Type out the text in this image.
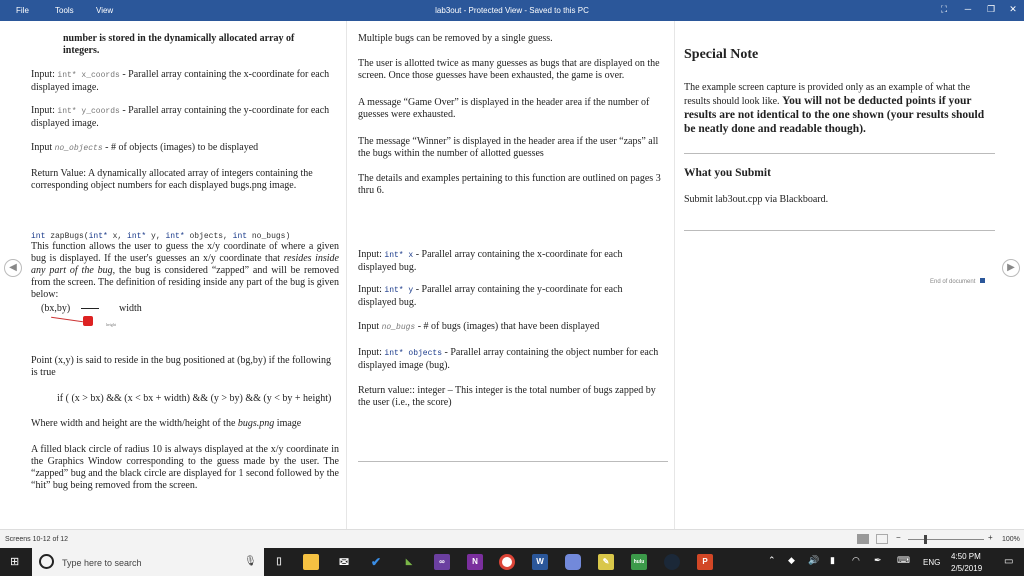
File	Tools	View	lab3out - Protected View - Saved to this PC	⛶	─	❐	✕

number is stored in the dynamically allocated array of integers.

Input: int* x_coords - Parallel array containing the x-coordinate for each displayed image.

Input: int* y_coords - Parallel array containing the y-coordinate for each displayed image.

Input no_objects - # of objects (images) to be displayed

Return Value: A dynamically allocated array of integers containing the corresponding object numbers for each displayed bugs.png image.

int zapBugs(int* x, int* y, int* objects, int no_bugs)

This function allows the user to guess the x/y coordinate of where a given bug is displayed. If the user's guesses an x/y coordinate that resides inside any part of the bug, the bug is considered “zapped” and will be removed from the screen. The definition of residing inside any part of the bug is given below:

(bx,by)	width
height

Point (x,y) is said to reside in the bug positioned at (bg,by) if the following is true

if ( (x > bx) && (x < bx + width) && (y > by) && (y < by + height)

Where width and height are the width/height of the bugs.png image

A filled black circle of radius 10 is always displayed at the x/y coordinate in the Graphics Window corresponding to the guess made by the user. The “zapped” bug and the black circle are displayed for 1 second followed by the “hit” bug being removed from the screen.

Multiple bugs can be removed by a single guess.

The user is allotted twice as many guesses as bugs that are displayed on the screen. Once those guesses have been exhausted, the game is over.

A message “Game Over” is displayed in the header area if the number of guesses were exhausted.

The message “Winner” is displayed in the header area if the user “zaps” all the bugs within the number of allotted guesses

The details and examples pertaining to this function are outlined on pages 3 thru 6.

Input: int* x - Parallel array containing the x-coordinate for each displayed bug.

Input: int* y - Parallel array containing the y-coordinate for each displayed bug.

Input no_bugs - # of bugs (images) that have been displayed

Input: int* objects - Parallel array containing the object number for each displayed image (bug).

Return value:: integer – This integer is the total number of bugs zapped by the user (i.e., the score)

Special Note

The example screen capture is provided only as an example of what the results should look like. You will not be deducted points if your results are not identical to the one shown (your results should be neatly done and readable though).

What you Submit

Submit lab3out.cpp via Blackboard.

End of document

◀	▶
Screens 10-12 of 12	−	+	100%
⊞	Type here to search	🎙	▯	✉ ✔	◣	∞	N	W	✎	hulu	P	⌃ ◆ 🔊 ▮ ◠ ✒ ⌨ ENG
4:50 PM
2/5/2019
▭
